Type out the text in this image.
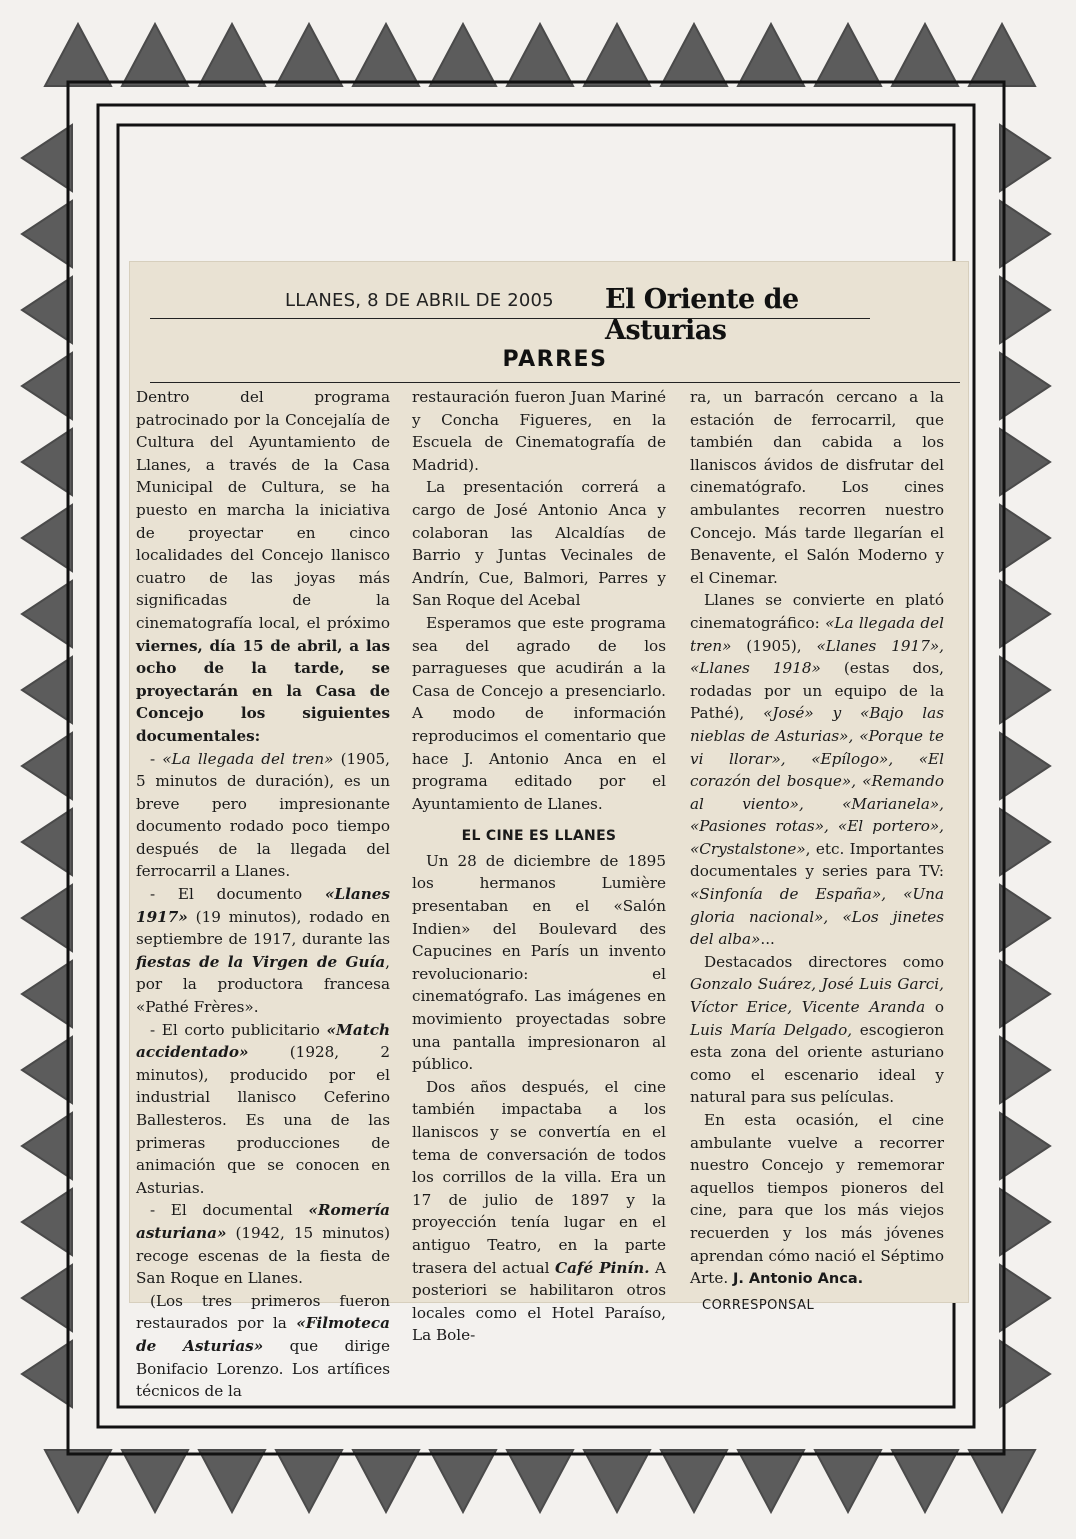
LLANES, 8 DE ABRIL DE 2005 El Oriente de Asturias
PARRES

Dentro del programa patrocinado por la Concejalía de Cultura del Ayuntamiento de Llanes, a través de la Casa Municipal de Cultura, se ha puesto en marcha la iniciativa de proyectar en cinco localidades del Concejo llanisco cuatro de las joyas más significadas de la cinematografía local, el próximo viernes, día 15 de abril, a las ocho de la tarde, se proyectarán en la Casa de Concejo los siguientes documentales:

- «La llegada del tren» (1905, 5 minutos de duración), es un breve pero impresionante documento rodado poco tiempo después de la llegada del ferrocarril a Llanes.

- El documento «Llanes 1917» (19 minutos), rodado en septiembre de 1917, durante las fiestas de la Virgen de Guía, por la productora francesa «Pathé Frères».

- El corto publicitario «Match accidentado» (1928, 2 minutos), producido por el industrial llanisco Ceferino Ballesteros. Es una de las primeras producciones de animación que se conocen en Asturias.

- El documental «Romería asturiana» (1942, 15 minutos) recoge escenas de la fiesta de San Roque en Llanes.

(Los tres primeros fueron restaurados por la «Filmoteca de Asturias» que dirige Bonifacio Lorenzo. Los artífices técnicos de la

restauración fueron Juan Mariné y Concha Figueres, en la Escuela de Cinematografía de Madrid).

La presentación correrá a cargo de José Antonio Anca y colaboran las Alcaldías de Barrio y Juntas Vecinales de Andrín, Cue, Balmori, Parres y San Roque del Acebal

Esperamos que este programa sea del agrado de los parragueses que acudirán a la Casa de Concejo a presenciarlo. A modo de información reproducimos el comentario que hace J. Antonio Anca en el programa editado por el Ayuntamiento de Llanes.

EL CINE ES LLANES

Un 28 de diciembre de 1895 los hermanos Lumière presentaban en el «Salón Indien» del Boulevard des Capucines en París un invento revolucionario: el cinematógrafo. Las imágenes en movimiento proyectadas sobre una pantalla impresionaron al público.

Dos años después, el cine también impactaba a los llaniscos y se convertía en el tema de conversación de todos los corrillos de la villa. Era un 17 de julio de 1897 y la proyección tenía lugar en el antiguo Teatro, en la parte trasera del actual Café Pinín. A posteriori se habilitaron otros locales como el Hotel Paraíso, La Bole-

ra, un barracón cercano a la estación de ferrocarril, que también dan cabida a los llaniscos ávidos de disfrutar del cinematógrafo. Los cines ambulantes recorren nuestro Concejo. Más tarde llegarían el Benavente, el Salón Moderno y el Cinemar.

Llanes se convierte en plató cinematográfico: «La llegada del tren» (1905), «Llanes 1917», «Llanes 1918» (estas dos, rodadas por un equipo de la Pathé), «José» y «Bajo las nieblas de Asturias», «Porque te vi llorar», «Epílogo», «El corazón del bosque», «Remando al viento», «Marianela», «Pasiones rotas», «El portero», «Crystalstone», etc. Importantes documentales y series para TV: «Sinfonía de España», «Una gloria nacional», «Los jinetes del alba»...

Destacados directores como Gonzalo Suárez, José Luis Garci, Víctor Erice, Vicente Aranda o Luis María Delgado, escogieron esta zona del oriente asturiano como el escenario ideal y natural para sus películas.

En esta ocasión, el cine ambulante vuelve a recorrer nuestro Concejo y rememorar aquellos tiempos pioneros del cine, para que los más viejos recuerden y los más jóvenes aprendan cómo nació el Séptimo Arte. J. Antonio Anca.

CORRESPONSAL
